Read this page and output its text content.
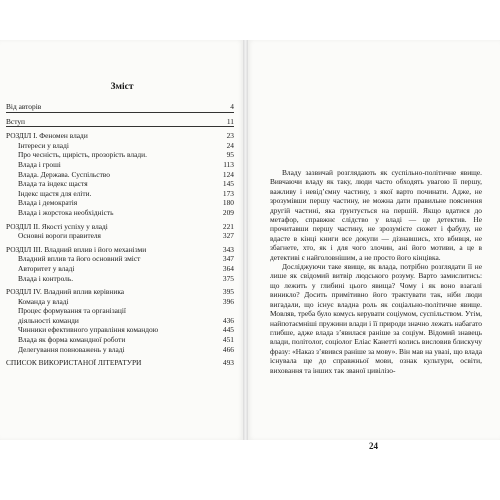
Зміст
Від авторів	4
Вступ	11
РОЗДІЛ І. Феномен влади	23
Інтереси у владі	24
Про чесність, щирість, прозорість влади.	95
Влада і гроші	113
Влада. Держава. Суспільство	124
Влада та індекс щастя	145
Індекс щастя для еліти.	173
Влада і демократія	180
Влада і жорстока необхідність	209
РОЗДІЛ ІІ. Якості успіху у владі	221
Основні вороги правителя	327
РОЗДІЛ ІІІ. Владний вплив і його механізми	343
Владний вплив та його основний зміст	347
Авторитет у владі	364
Влада і контроль.	375
РОЗДІЛ IV. Владний вплив керівника	395
Команда у владі	396
Процес формування та організації
діяльності команди	436
Чинники ефективного управління командою	445
Влада як форма командної роботи	451
Делегування повноважень у владі	466
СПИСОК ВИКОРИСТАНОЇ ЛІТЕРАТУРИ	493

Владу зазвичай розглядають як суспільно-політичне явище. Вивчаючи владу як таку, люди часто обходять увагою її першу, важливу і невідʼємну частину, з якої варто починати. Адже, не зрозумівши першу частину, не можна дати правильне пояснення другій частині, яка ґрунтується на першій. Якщо вдатися до метафор, справжнє слідство у владі — це детектив. Не прочитавши першу частину, не зрозумієте сюжет і фабулу, не вдасте в кінці книги все докупи — дізнавшись, хто вбивця, не збагнете, хто, як і для чого злочин, ані його мотиви, а це в детективі є найголовнішим, а не просто його кінцівка.

Досліджуючи таке явище, як влада, потрібно розглядати її не лише як свідомий витвір людського розуму. Варто замислитись: що лежить у глибині цього явища? Чому і як воно взагалі виникло? Досить примітивно його трактувати так, ніби люди вигадали, що існує владна роль як соціально-політичне явище. Мовляв, треба було комусь керувати соціумом, суспільством. Утім, найпотаємніші пружини влади і її природи значно лежать набагато глибше, адже влада зʼявилася раніше за соціум. Відомий знавець влади, політолог, соціолог Еліас Канетті колись висловив блискучу фразу: «Наказ зʼявився раніше за мову». Він мав на увазі, що влада існувала ще до справжньої мови, ознак культури, освіти, виховання та інших так званої цивілізо-

24
